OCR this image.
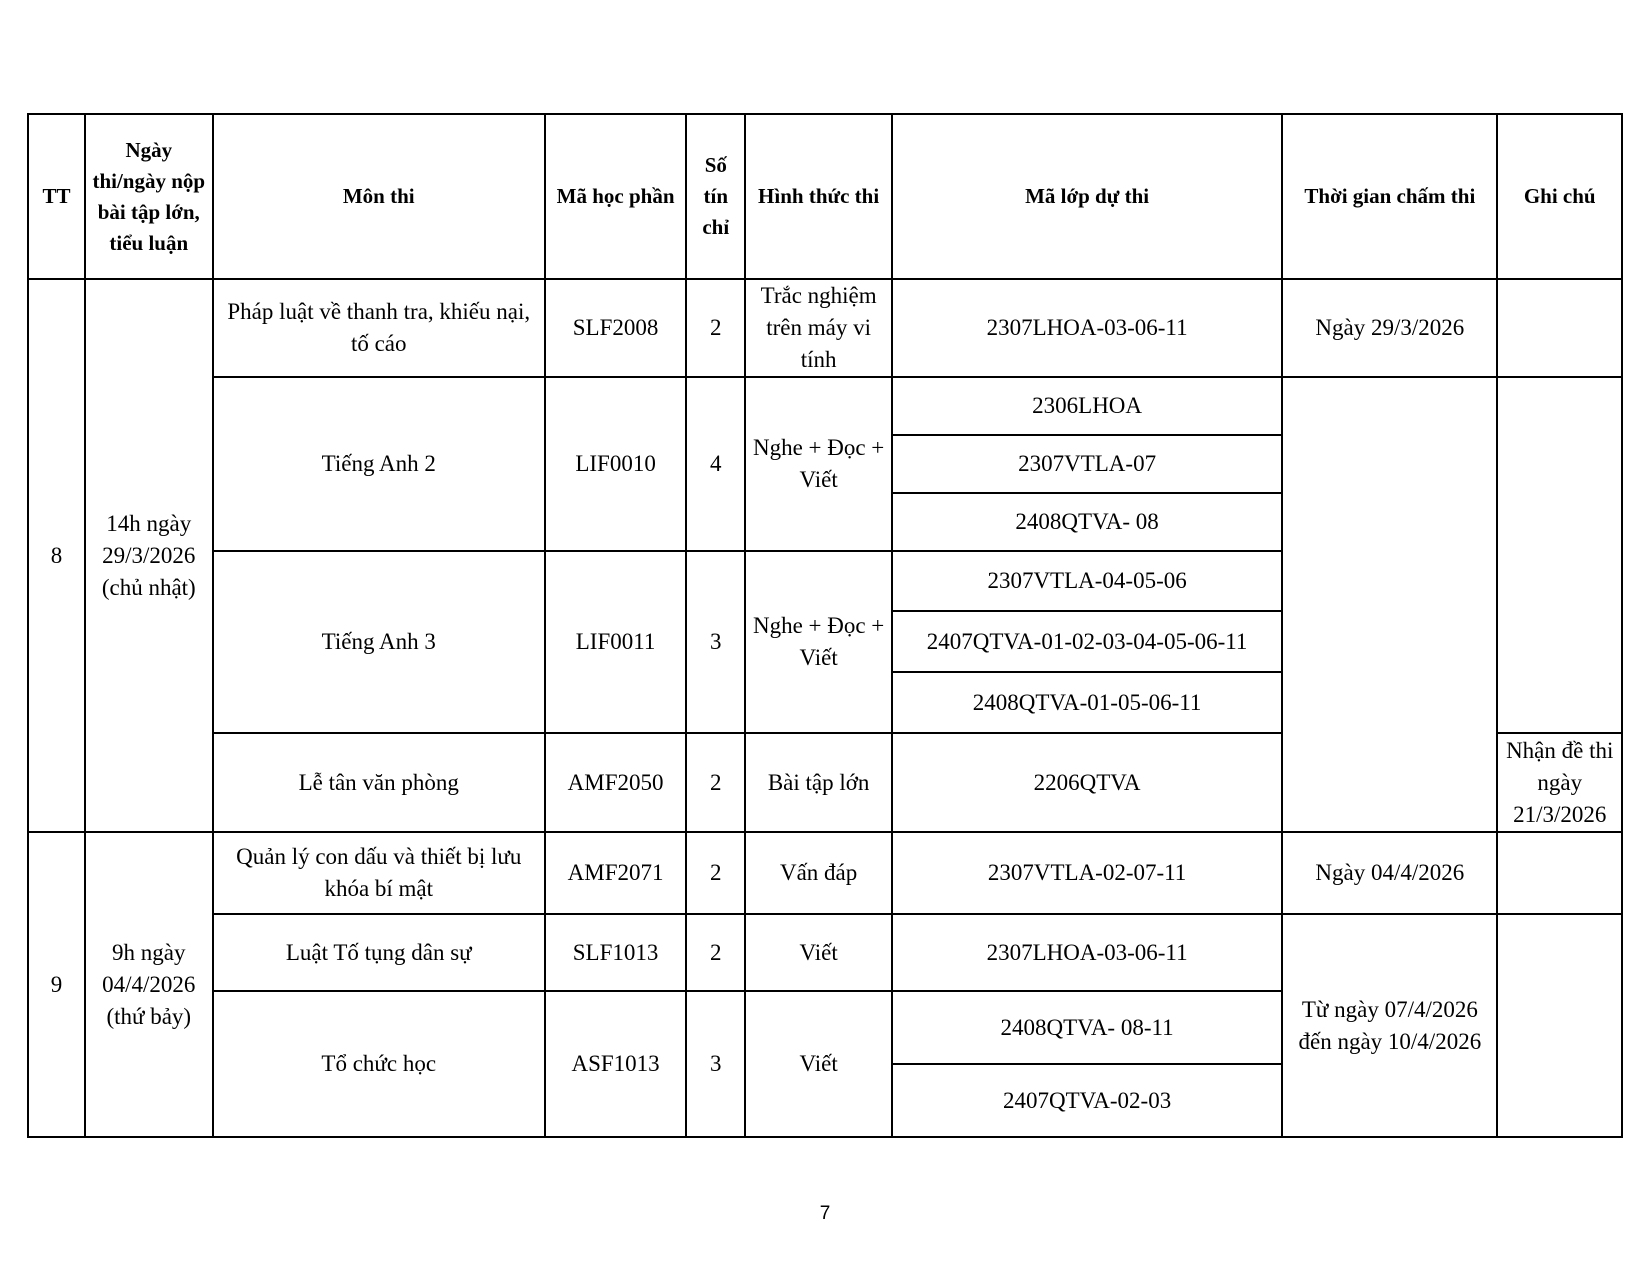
TT	Ngày thi/ngày nộp bài tập lớn, tiểu luận	Môn thi	Mã học phần	Số tín chỉ	Hình thức thi	Mã lớp dự thi	Thời gian chấm thi	Ghi chú
8	14h ngày 29/3/2026 (chủ nhật)	Pháp luật về thanh tra, khiếu nại, tố cáo	SLF2008	2	Trắc nghiệm trên máy vi tính	2307LHOA-03-06-11	Ngày 29/3/2026	
		Tiếng Anh 2	LIF0010	4	Nghe + Đọc + Viết	2306LHOA		
						2307VTLA-07		
						2408QTVA- 08		
		Tiếng Anh 3	LIF0011	3	Nghe + Đọc + Viết	2307VTLA-04-05-06		
						2407QTVA-01-02-03-04-05-06-11		
						2408QTVA-01-05-06-11		
		Lễ tân văn phòng	AMF2050	2	Bài tập lớn	2206QTVA		Nhận đề thi ngày 21/3/2026
9	9h ngày 04/4/2026 (thứ bảy)	Quản lý con dấu và thiết bị lưu khóa bí mật	AMF2071	2	Vấn đáp	2307VTLA-02-07-11	Ngày 04/4/2026	
		Luật Tố tụng dân sự	SLF1013	2	Viết	2307LHOA-03-06-11	Từ ngày 07/4/2026 đến ngày 10/4/2026	
		Tổ chức học	ASF1013	3	Viết	2408QTVA- 08-11		
						2407QTVA-02-03		
7
